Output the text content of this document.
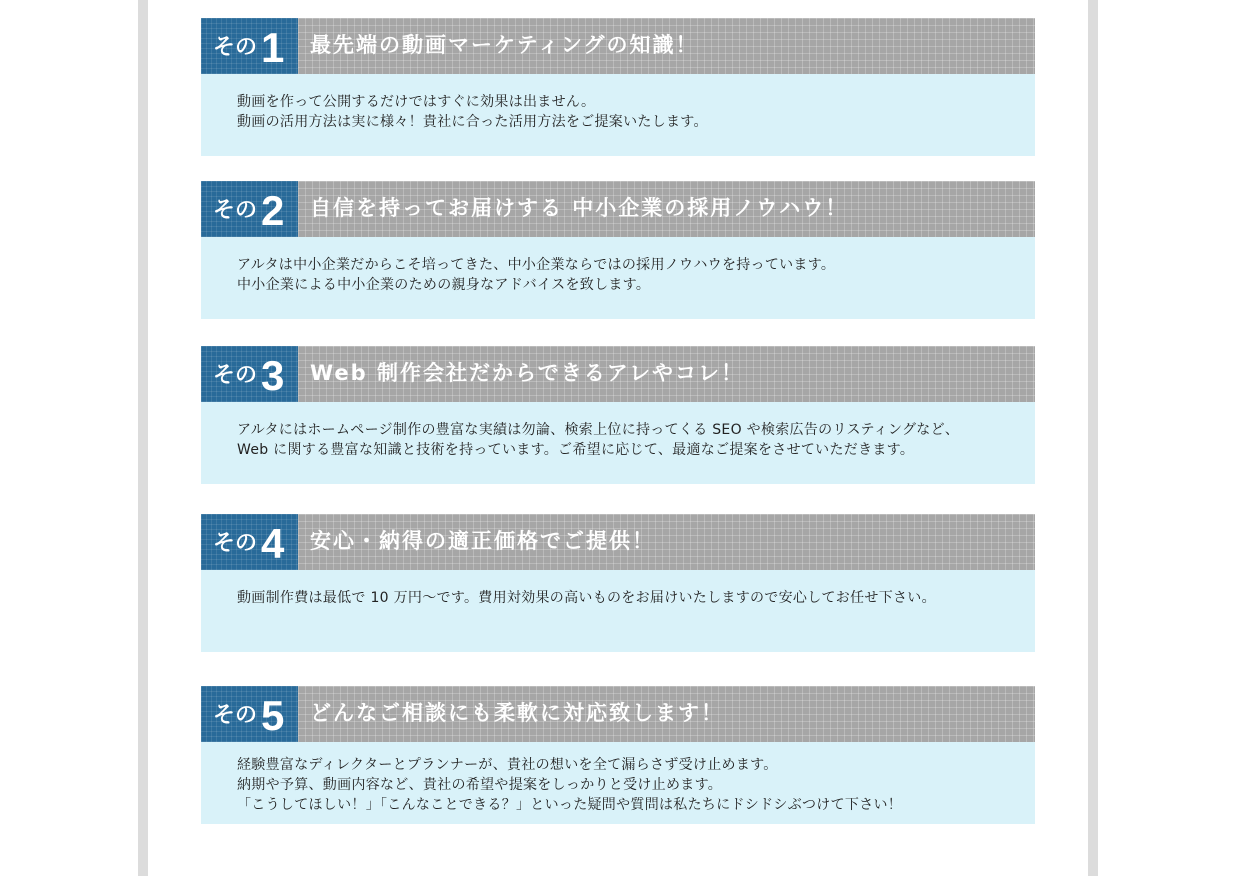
その 1 最先端の動画マーケティングの知識！
動画を作って公開するだけではすぐに効果は出ません。
動画の活用方法は実に様々！貴社に合った活用方法をご提案いたします。
その 2 自信を持ってお届けする 中小企業の採用ノウハウ！
アルタは中小企業だからこそ培ってきた、中小企業ならではの採用ノウハウを持っています。
中小企業による中小企業のための親身なアドバイスを致します。
その 3 Web 制作会社だからできるアレやコレ！
アルタにはホームページ制作の豊富な実績は勿論、検索上位に持ってくる SEO や検索広告のリスティングなど、
Web に関する豊富な知識と技術を持っています。ご希望に応じて、最適なご提案をさせていただきます。
その 4 安心・納得の適正価格でご提供！
動画制作費は最低で 10 万円～です。費用対効果の高いものをお届けいたしますので安心してお任せ下さい。
その 5 どんなご相談にも柔軟に対応致します！
経験豊富なディレクターとプランナーが、貴社の想いを全て漏らさず受け止めます。
納期や予算、動画内容など、貴社の希望や提案をしっかりと受け止めます。
「こうしてほしい！」「こんなことできる？」といった疑問や質問は私たちにドシドシぶつけて下さい！
